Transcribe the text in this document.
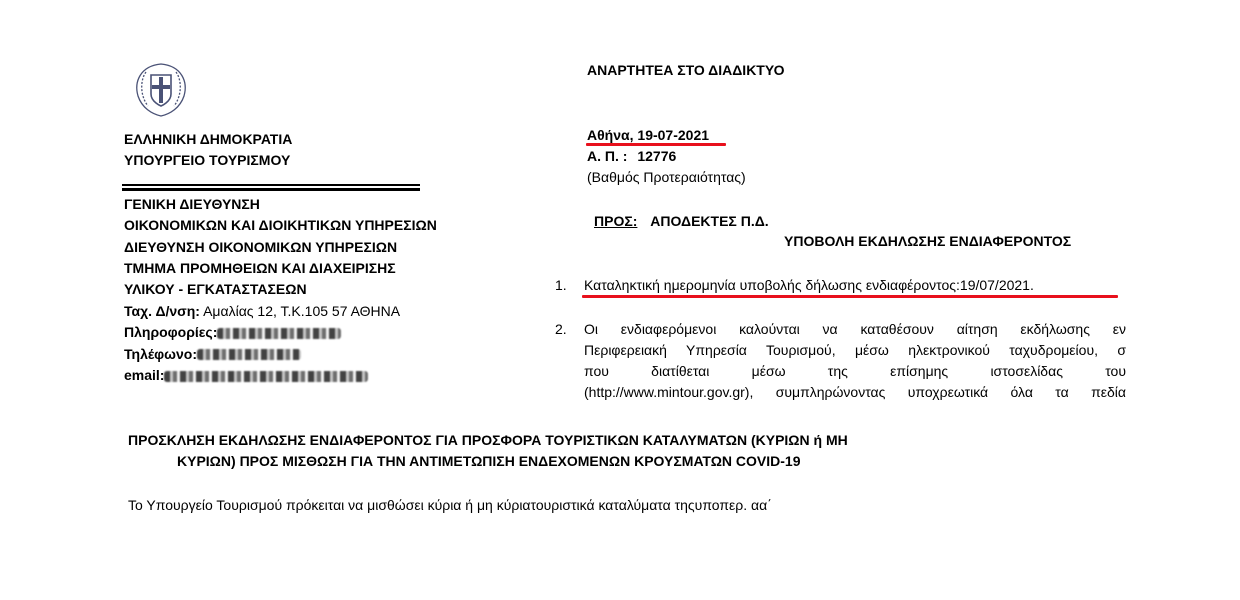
ΕΛΛΗΝΙΚΗ ΔΗΜΟΚΡΑΤΙΑ
ΥΠΟΥΡΓΕΙΟ ΤΟΥΡΙΣΜΟΥ
ΓΕΝΙΚΗ ΔΙΕΥΘΥΝΣΗ
ΟΙΚΟΝΟΜΙΚΩΝ ΚΑΙ ΔΙΟΙΚΗΤΙΚΩΝ ΥΠΗΡΕΣΙΩΝ
ΔΙΕΥΘΥΝΣΗ ΟΙΚΟΝΟΜΙΚΩΝ ΥΠΗΡΕΣΙΩΝ
ΤΜΗΜΑ ΠΡΟΜΗΘΕΙΩΝ ΚΑΙ ΔΙΑΧΕΙΡΙΣΗΣ
ΥΛΙΚΟΥ - ΕΓΚΑΤΑΣΤΑΣΕΩΝ
Ταχ. Δ/νση: Αμαλίας 12, Τ.Κ.105 57 ΑΘΗΝΑ
Πληροφορίες:
Τηλέφωνο:
email:
ΑΝΑΡΤΗΤΕΑ ΣΤΟ ΔΙΑΔΙΚΤΥΟ
Αθήνα, 19-07-2021
Α. Π. : 12776
(Βαθμός Προτεραιότητας)
ΠΡΟΣ: ΑΠΟΔΕΚΤΕΣ Π.Δ.
ΥΠΟΒΟΛΗ ΕΚΔΗΛΩΣΗΣ ΕΝΔΙΑΦΕΡΟΝΤΟΣ
1. Καταληκτική ημερομηνία υποβολής δήλωσης ενδιαφέροντος:19/07/2021.
2. Οι ενδιαφερόμενοι καλούνται να καταθέσουν αίτηση εκδήλωσης εν
Περιφερειακή Υπηρεσία Τουρισμού, μέσω ηλεκτρονικού ταχυδρομείου, σ
που διατίθεται μέσω της επίσημης ιστοσελίδας του
(http://www.mintour.gov.gr), συμπληρώνοντας υποχρεωτικά όλα τα πεδία
ΠΡΟΣΚΛΗΣΗ ΕΚΔΗΛΩΣΗΣ ΕΝΔΙΑΦΕΡΟΝΤΟΣ ΓΙΑ ΠΡΟΣΦΟΡΑ ΤΟΥΡΙΣΤΙΚΩΝ ΚΑΤΑΛΥΜΑΤΩΝ (ΚΥΡΙΩΝ ή ΜΗ
ΚΥΡΙΩΝ) ΠΡΟΣ ΜΙΣΘΩΣΗ ΓΙΑ ΤΗΝ ΑΝΤΙΜΕΤΩΠΙΣΗ ΕΝΔΕΧΟΜΕΝΩΝ ΚΡΟΥΣΜΑΤΩΝ COVID-19
Το Υπουργείο Τουρισμού πρόκειται να μισθώσει κύρια ή μη κύριατουριστικά καταλύματα τηςυποπερ. αα΄
